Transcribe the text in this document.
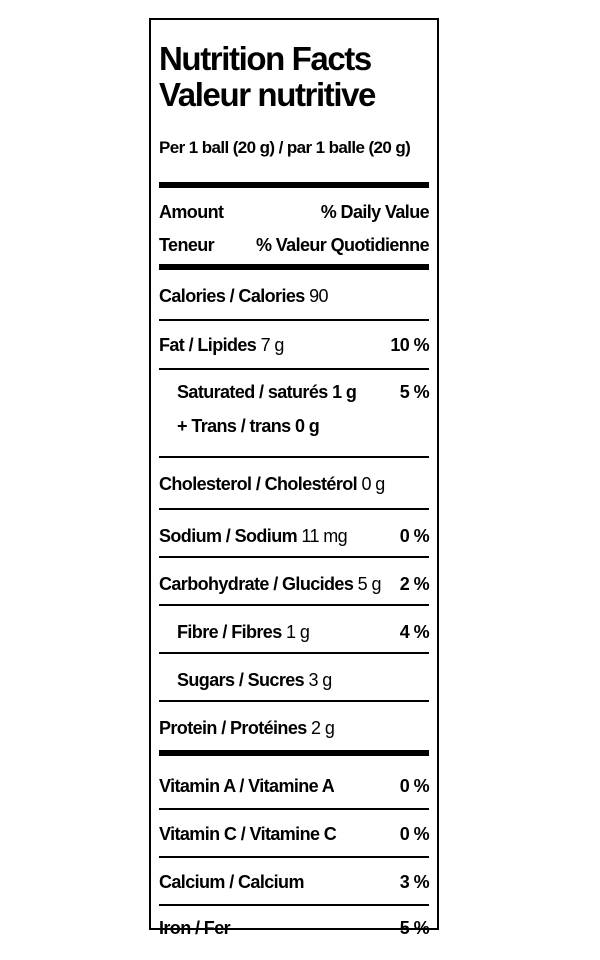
Nutrition Facts
Valeur nutritive
Per 1 ball (20 g) / par 1 balle (20 g)
Amount	% Daily Value
Teneur % Valeur Quotidienne
Calories / Calories 90
Fat / Lipides 7 g	10 %
Saturated / saturés 1 g 5 %
+ Trans / trans 0 g
Cholesterol / Cholestérol 0 g
Sodium / Sodium 11 mg	0 %
Carbohydrate / Glucides 5 g 2 %
Fibre / Fibres 1 g	4 %
Sugars / Sucres 3 g
Protein / Protéines 2 g
Vitamin A / Vitamine A	0 %
Vitamin C / Vitamine C	0 %
Calcium / Calcium	3 %
Iron / Fer	5 %
